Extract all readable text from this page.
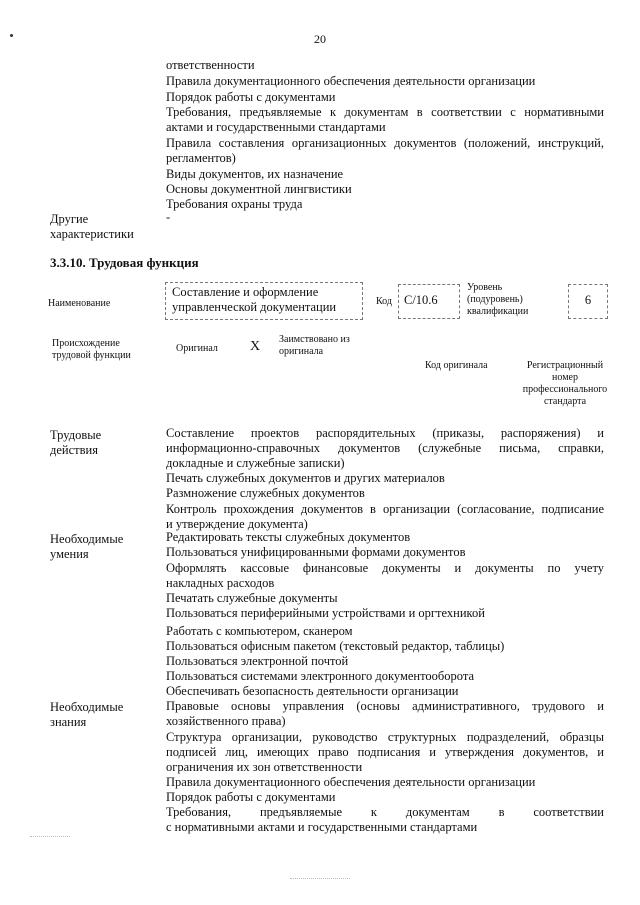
20
ответственности
Правила документационного обеспечения деятельности организации
Порядок работы с документами
Требования, предъявляемые к документам в соответствии с нормативными
актами и государственными стандартами
Правила составления организационных документов (положений, инструкций,
регламентов)
Виды документов, их назначение
Основы документной лингвистики
Требования охраны труда
Другие
характеристики
-
3.3.10. Трудовая функция
Наименование
Составление и оформление
управленческой документации	Код С/10.6
Уровень
(подуровень)
квалификации
6
Происхождение
трудовой функции
Оригинал X Заимствовано из
оригинала
Код оригинала	Регистрационный
номер
профессионального
стандарта
Трудовые
действия
Составление проектов распорядительных (приказы, распоряжения) и
информационно-справочных документов (служебные письма, справки,
докладные и служебные записки)
Печать служебных документов и других материалов
Размножение служебных документов
Контроль прохождения документов в организации (согласование, подписание
и утверждение документа)
Необходимые
умения
Редактировать тексты служебных документов
Пользоваться унифицированными формами документов
Оформлять кассовые финансовые документы и документы по учету
накладных расходов
Печатать служебные документы
Пользоваться периферийными устройствами и оргтехникой
Работать с компьютером, сканером
Пользоваться офисным пакетом (текстовый редактор, таблицы)
Пользоваться электронной почтой
Пользоваться системами электронного документооборота
Обеспечивать безопасность деятельности организации
Необходимые
знания
Правовые основы управления (основы административного, трудового и
хозяйственного права)
Структура организации, руководство структурных подразделений, образцы
подписей лиц, имеющих право подписания и утверждения документов, и
ограничения их зон ответственности
Правила документационного обеспечения деятельности организации
Порядок работы с документами
Требования, предъявляемые к документам в соответствии
с нормативными актами и государственными стандартами
